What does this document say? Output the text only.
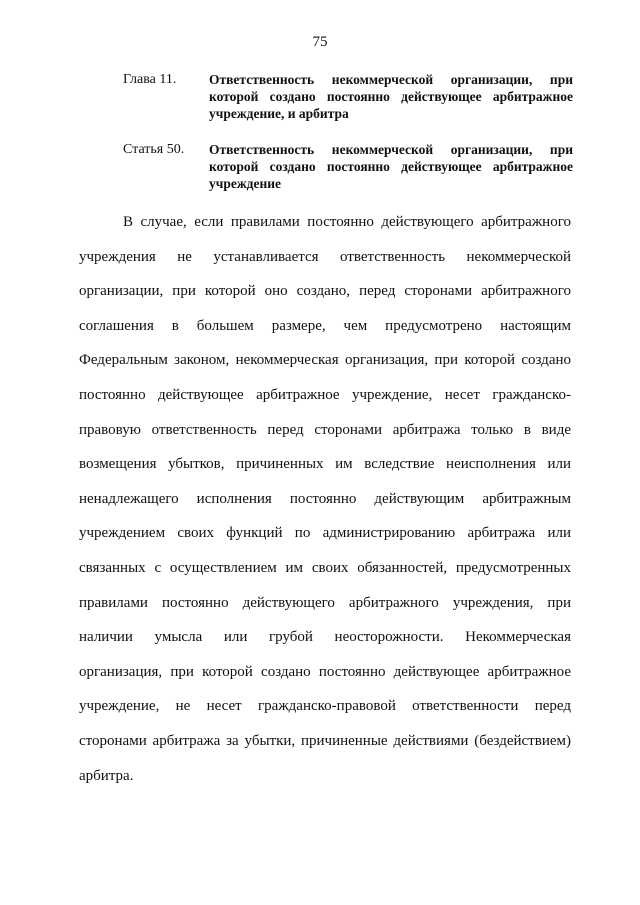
75
Глава 11.	Ответственность некоммерческой организации, при которой создано постоянно действующее арбитражное учреждение, и арбитра
Статья 50.	Ответственность некоммерческой организации, при которой создано постоянно действующее арбитражное учреждение

В случае, если правилами постоянно действующего арбитражного учреждения не устанавливается ответственность некоммерческой организации, при которой оно создано, перед сторонами арбитражного соглашения в большем размере, чем предусмотрено настоящим Федеральным законом, некоммерческая организация, при которой создано постоянно действующее арбитражное учреждение, несет гражданско-правовую ответственность перед сторонами арбитража только в виде возмещения убытков, причиненных им вследствие неисполнения или ненадлежащего исполнения постоянно действующим арбитражным учреждением своих функций по администрированию арбитража или связанных с осуществлением им своих обязанностей, предусмотренных правилами постоянно действующего арбитражного учреждения, при наличии умысла или грубой неосторожности. Некоммерческая организация, при которой создано постоянно действующее арбитражное учреждение, не несет гражданско-правовой ответственности перед сторонами арбитража за убытки, причиненные действиями (бездействием) арбитра.
